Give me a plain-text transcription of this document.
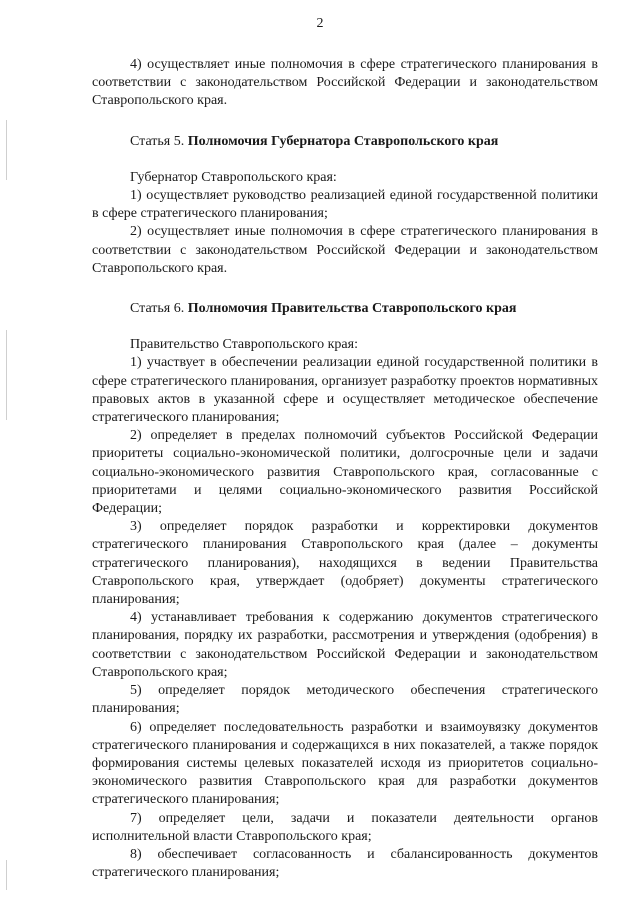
2

4) осуществляет иные полномочия в сфере стратегического планирования в соответствии с законодательством Российской Федерации и законодательством Ставропольского края.

Статья 5. Полномочия Губернатора Ставропольского края

Губернатор Ставропольского края:

1) осуществляет руководство реализацией единой государственной политики в сфере стратегического планирования;

2) осуществляет иные полномочия в сфере стратегического планирования в соответствии с законодательством Российской Федерации и законодательством Ставропольского края.

Статья 6. Полномочия Правительства Ставропольского края

Правительство Ставропольского края:

1) участвует в обеспечении реализации единой государственной политики в сфере стратегического планирования, организует разработку проектов нормативных правовых актов в указанной сфере и осуществляет методическое обеспечение стратегического планирования;

2) определяет в пределах полномочий субъектов Российской Федерации приоритеты социально-экономической политики, долгосрочные цели и задачи социально-экономического развития Ставропольского края, согласованные с приоритетами и целями социально-экономического развития Российской Федерации;

3) определяет порядок разработки и корректировки документов стратегического планирования Ставропольского края (далее – документы стратегического планирования), находящихся в ведении Правительства Ставропольского края, утверждает (одобряет) документы стратегического планирования;

4) устанавливает требования к содержанию документов стратегического планирования, порядку их разработки, рассмотрения и утверждения (одобрения) в соответствии с законодательством Российской Федерации и законодательством Ставропольского края;

5) определяет порядок методического обеспечения стратегического планирования;

6) определяет последовательность разработки и взаимоувязку документов стратегического планирования и содержащихся в них показателей, а также порядок формирования системы целевых показателей исходя из приоритетов социально-экономического развития Ставропольского края для разработки документов стратегического планирования;

7) определяет цели, задачи и показатели деятельности органов исполнительной власти Ставропольского края;

8) обеспечивает согласованность и сбалансированность документов стратегического планирования;
